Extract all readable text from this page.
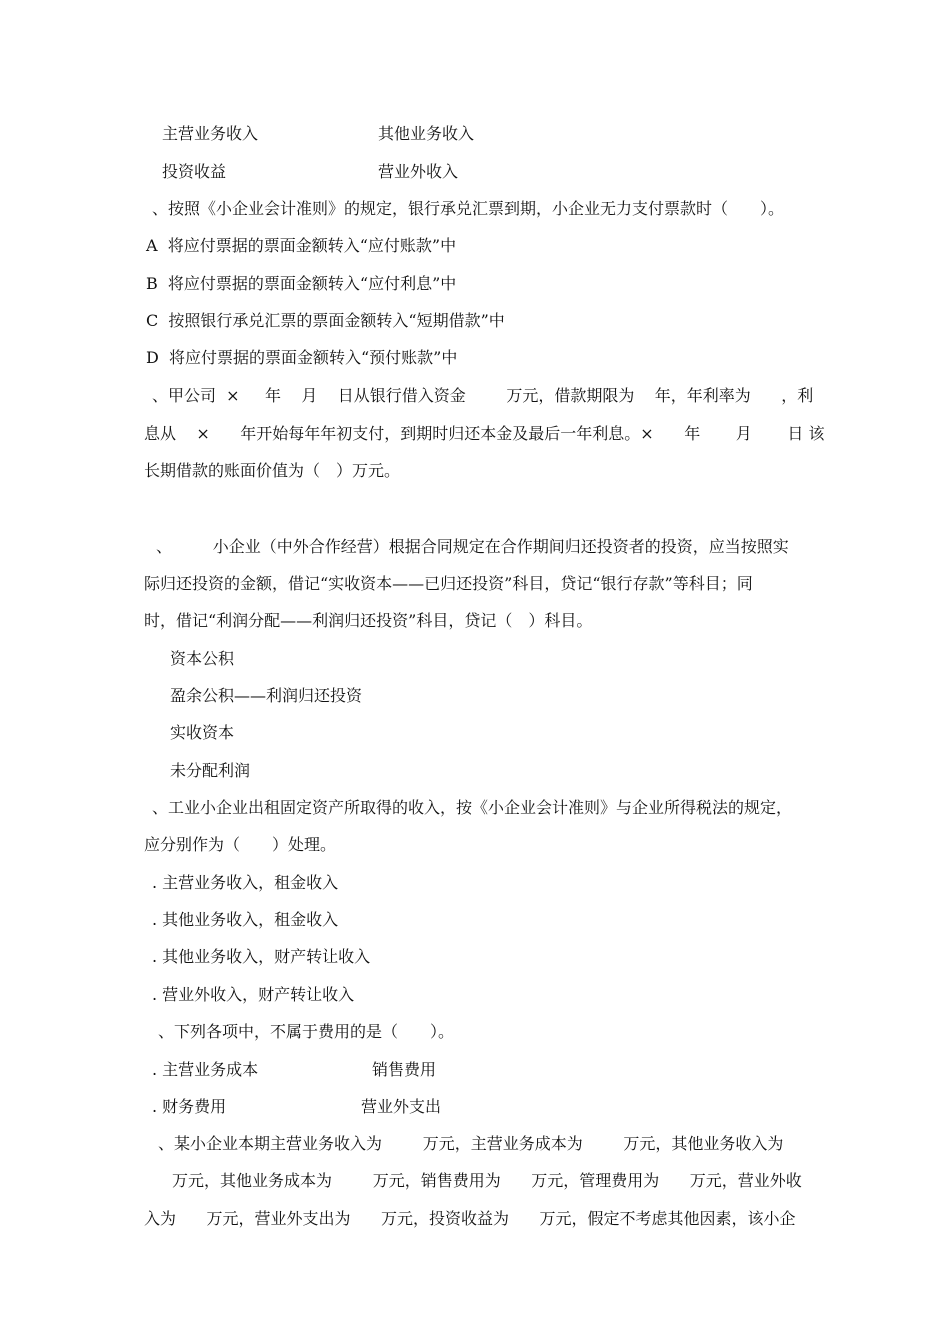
主营业务收入	其他业务收入
投资收益	营业外收入
、按照《小企业会计准则》的规定，银行承兑汇票到期，小企业无力支付票款时（　　）。
A  将应付票据的票面金额转入“应付账款”中
B  将应付票据的票面金额转入“应付利息”中
C  按照银行承兑汇票的票面金额转入“短期借款”中
D  将应付票据的票面金额转入“预付账款”中
、甲公司  ×     年    月    日从银行借入资金        万元，借款期限为    年，年利率为      ，利
息从    ×      年开始每年年初支付，到期时归还本金及最后一年利息。×      年       月       日 该
长期借款的账面价值为（　）万元。
、        小企业（中外合作经营）根据合同规定在合作期间归还投资者的投资，应当按照实
际归还投资的金额，借记“实收资本——已归还投资”科目，贷记“银行存款”等科目；同
时，借记“利润分配——利润归还投资”科目，贷记（　）科目。
资本公积
盈余公积——利润归还投资
实收资本
未分配利润
、工业小企业出租固定资产所取得的收入，按《小企业会计准则》与企业所得税法的规定，
应分别作为（　　）处理。
. 主营业务收入，租金收入
. 其他业务收入，租金收入
. 其他业务收入，财产转让收入
. 营业外收入，财产转让收入
、下列各项中，不属于费用的是（　　）。
. 主营业务成本	销售费用
. 财务费用	营业外支出
、某小企业本期主营业务收入为        万元，主营业务成本为        万元，其他业务收入为
万元，其他业务成本为        万元，销售费用为      万元，管理费用为      万元，营业外收
入为      万元，营业外支出为      万元，投资收益为      万元，假定不考虑其他因素，该小企
